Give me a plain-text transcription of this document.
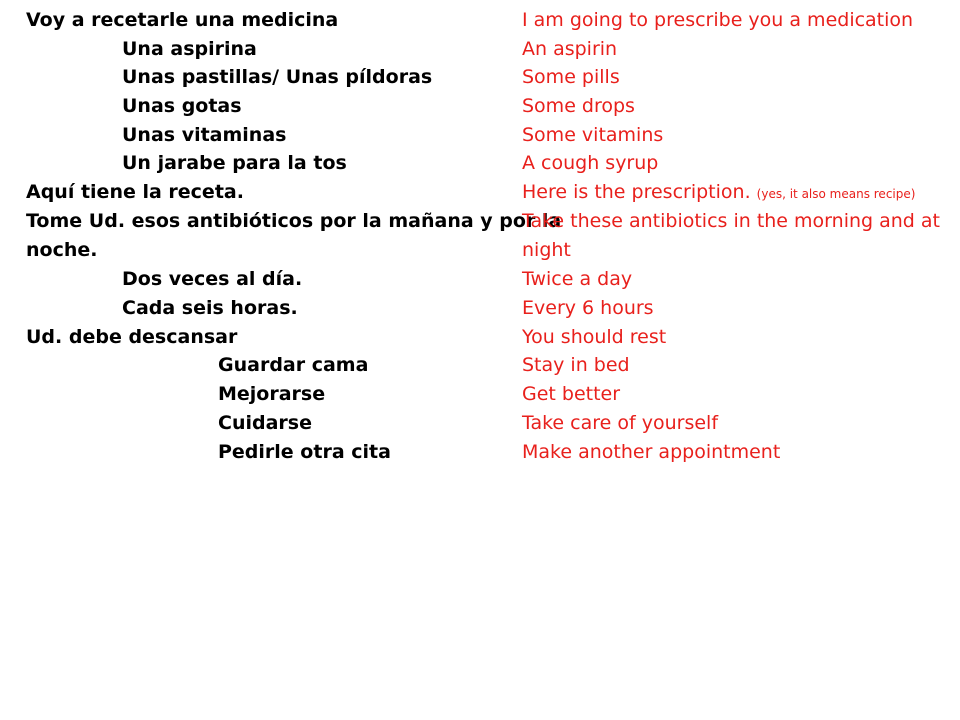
Voy a recetarle una medicina
Una aspirina
Unas pastillas/ Unas píldoras
Unas gotas
Unas vitaminas
Un jarabe para la tos
Aquí tiene la receta.
Tome Ud. esos antibióticos por la mañana y por la
noche.
Dos veces al día.
Cada seis horas.
Ud. debe descansar
Guardar cama
Mejorarse
Cuidarse
Pedirle otra cita
I am going to prescribe you a medication
An aspirin
Some pills
Some drops
Some vitamins
A cough syrup
Here is the prescription. (yes, it also means recipe)
Take these antibiotics in the morning and at
night
Twice a day
Every 6 hours
You should rest
Stay in bed
Get better
Take care of yourself
Make another appointment
